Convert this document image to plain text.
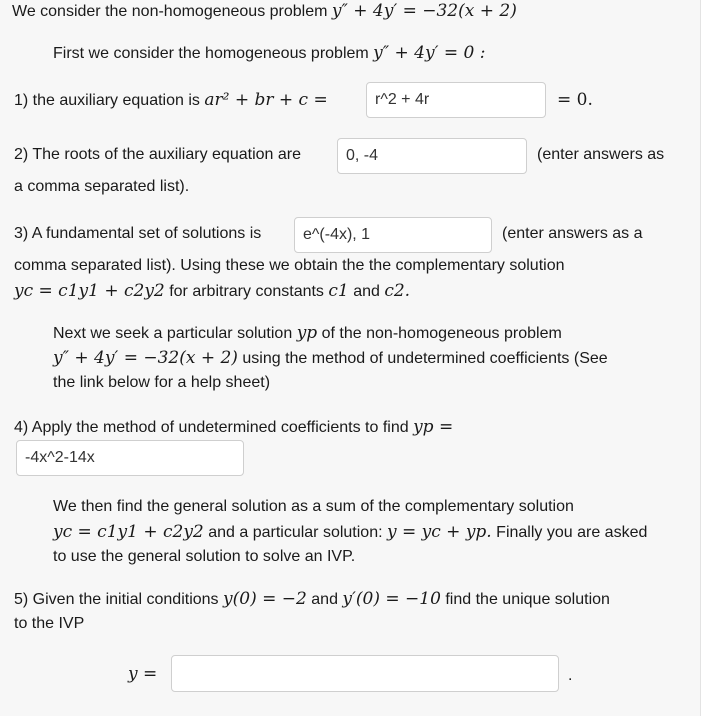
We consider the non-homogeneous problem y″ + 4y′ = −32(x + 2)
First we consider the homogeneous problem y″ + 4y′ = 0 :
1) the auxiliary equation is ar² + br + c =
r^2 + 4r	= 0.
2) The roots of the auxiliary equation are
0, -4	(enter answers as
a comma separated list).
3) A fundamental set of solutions is
e^(-4x), 1	(enter answers as a
comma separated list). Using these we obtain the the complementary solution
yc = c1y1 + c2y2 for arbitrary constants c1 and c2.
Next we seek a particular solution yp of the non-homogeneous problem
y″ + 4y′ = −32(x + 2) using the method of undetermined coefficients (See
the link below for a help sheet)
4) Apply the method of undetermined coefficients to find yp =
-4x^2-14x
We then find the general solution as a sum of the complementary solution
yc = c1y1 + c2y2 and a particular solution: y = yc + yp. Finally you are asked
to use the general solution to solve an IVP.
5) Given the initial conditions y(0) = −2 and y′(0) = −10 find the unique solution
to the IVP
y =	.
